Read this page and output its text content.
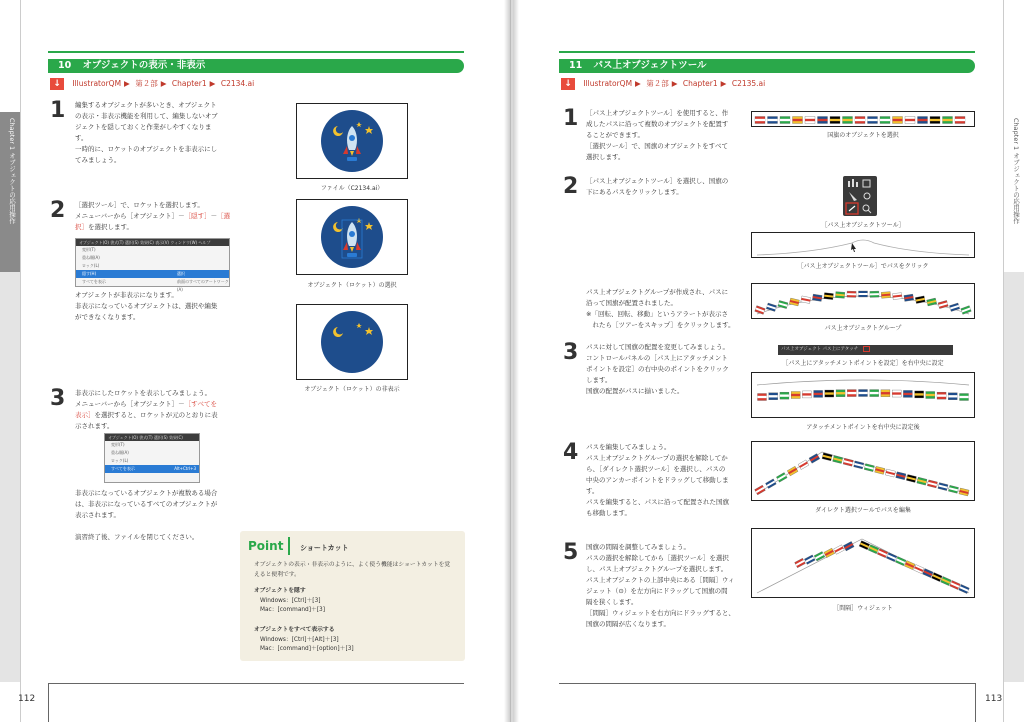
Chapter 1 オブジェクトの応用操作
10 オブジェクトの表示・非表示
↓ IllustratorQM ▶ 第２部 ▶ Chapter1 ▶ C2134.ai
1 編集するオブジェクトが多いとき、オブジェクト
の表示・非表示機能を利用して、編集しないオブ
ジェクトを隠しておくと作業がしやすくなりま
す。
一時的に、ロケットのオブジェクトを非表示にし
てみましょう。
ファイル（C2134.ai）
2 ［選択ツール］で、ロケットを選択します。
メニューバーから［オブジェクト］－［隠す］－［選
択］を選択します。
オブジェクト(O) 書式(T) 選択(S) 効果(C) 表示(V) ウィンドウ(W) ヘルプ
変形(T)
重ね順(A)
ロック(L)
隠す(H)
すべてを表示
選択
前面のすべてのアートワーク(A)
オブジェクトが非表示になります。
非表示になっているオブジェクトは、選択や編集
ができなくなります。
オブジェクト（ロケット）の選択
オブジェクト（ロケット）の非表示
3 非表示にしたロケットを表示してみましょう。
メニューバーから［オブジェクト］－［すべてを
表示］を選択すると、ロケットが元のとおりに表
示されます。
オブジェクト(O) 書式(T) 選択(S) 効果(C)
変形(T)
重ね順(A)
ロック(L)
すべてを表示	Alt+Ctrl+3
非表示になっているオブジェクトが複数ある場合
は、非表示になっているすべてのオブジェクトが
表示されます。
演習終了後、ファイルを閉じてください。
Point ショートカット
オブジェクトの表示・非表示のように、よく使う機能はショートカットを覚
えると便利です。
オブジェクトを隠す
Windows：[Ctrl]＋[3]
Mac：[command]＋[3]
オブジェクトをすべて表示する
Windows：[Ctrl]＋[Alt]＋[3]
Mac：[command]＋[option]＋[3]
112
Chapter 1 オブジェクトの応用操作
11 パス上オブジェクトツール
↓ IllustratorQM ▶ 第２部 ▶ Chapter1 ▶ C2135.ai
1 ［パス上オブジェクトツール］を使用すると、作
成したパスに沿って複数のオブジェクトを配置す
ることができます。
［選択ツール］で、国旗のオブジェクトをすべて
選択します。
国旗のオブジェクトを選択
2 ［パス上オブジェクトツール］を選択し、国旗の
下にあるパスをクリックします。
［パス上オブジェクトツール］
［パス上オブジェクトツール］でパスをクリック
パス上オブジェクトグループが作成され、パスに
沿って国旗が配置されました。
※「回転、回転、移動」というアラートが表示さ
　れたら［ツアーをスキップ］をクリックします。	パス上オブジェクトグループ
3 パスに対して国旗の配置を変更してみましょう。
コントロールパネルの［パス上にアタッチメント
ポイントを設定］の右中央のポイントをクリック
します。
国旗の配置がパスに揃いました。
パス上オブジェクト パス上にアタッチ
［パス上にアタッチメントポイントを設定］を右中央に設定
アタッチメントポイントを右中央に設定後
4 パスを編集してみましょう。
パス上オブジェクトグループの選択を解除してか
ら、［ダイレクト選択ツール］を選択し、パスの
中央のアンカーポイントをドラッグして移動しま
す。
パスを編集すると、パスに沿って配置された国旗
も移動します。	ダイレクト選択ツールでパスを編集
5 国旗の間隔を調整してみましょう。
パスの選択を解除してから［選択ツール］を選択
し、パス上オブジェクトグループを選択します。
パス上オブジェクトの上部中央にある［間隔］ウィ
ジェット（⊙）を左方向にドラッグして国旗の間
隔を狭くします。
［間隔］ウィジェットを右方向にドラッグすると、
国旗の間隔が広くなります。
［間隔］ウィジェット
113
